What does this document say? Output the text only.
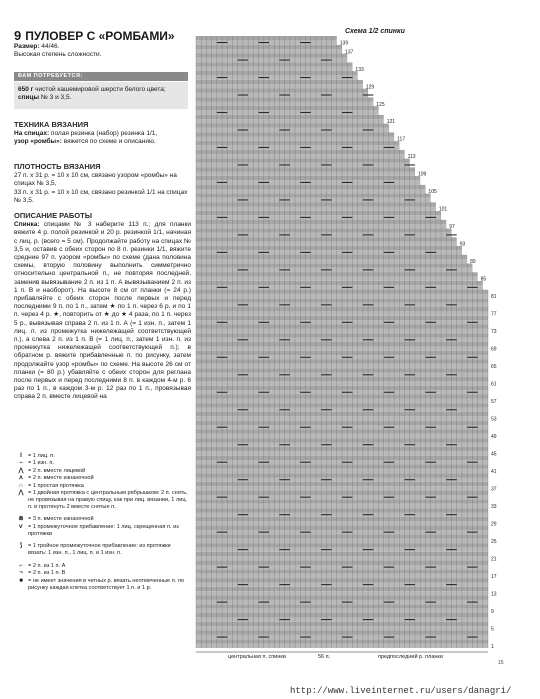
9 ПУЛОВЕР С «РОМБАМИ»
Размер: 44/46.
Высокая степень сложности.
ВАМ ПОТРЕБУЕТСЯ:
650 г чистой кашемировой шерсти белого цвета;
спицы № 3 и 3,5.
ТЕХНИКА ВЯЗАНИЯ
На спицах: полая резинка (набор) резинка 1/1,
узор «ромбы»: вяжется по схеме и описанию.
ПЛОТНОСТЬ ВЯЗАНИЯ
27 п. х 31 р. = 10 х 10 см, связано узором «ромбы» на спицах № 3,5,
33 п. х 31 р. = 10 х 10 см, связано резинкой 1/1 на спицах № 3,5.
ОПИСАНИЕ РАБОТЫ
Спинка: спицами № 3 наберите 113 п.; для планки вяжите 4 р. полой резинкой и 20 р. резинкой 1/1, начиная с лиц. р. (всего = 5 см). Продолжайте работу на спицах № 3,5 и, оставив с обеих сторон по 8 п. резинки 1/1, вяжите средние 97 п. узором «ромбы» по схеме (дана половина схемы, вторую половину выполнить симметрично относительно центральной п., не повторяя последней, заменив вывязывание 2 п. из 1 п. А вывязыванием 2 п. из 1 п. В и наоборот). На высоте 8 см от планки (= 24 р.) прибавляйте с обеих сторон после первых и перед последними 9 п. по 1 п., затем ★ по 1 п. через 6 р. и по 1 п. через 4 р. ★, повторить от ★ до ★ 4 раза, по 1 п. через 5 р., вывязывая справа 2 п. из 1 п. А (= 1 изн. п., затем 1 лиц. п. из промежутка нижележащей соответствующей п.), а слева 2 п. из 1 п. В (= 1 лиц. п., затем 1 изн. п. из промежутка нижележащей соответствующей п.); в обратном р. вяжите прибавленные п. по рисунку, затем продолжайте узор «ромбы» по схеме. На высоте 26 см от планки (= 80 р.) убавляйте с обеих сторон для реглана после первых и перед последними 8 п. в каждом 4-м р. 6 раз по 1 п., в каждом 3-м р. 12 раз по 1 п., провязывая справа 2 п. вместе лицевой на
I	= 1 лиц. п.
– = 1 изн. п.
⋀ = 2 п. вместе лицевой
⋏ = 2 п. вместе изнаночной
∩ = 1 простая протяжка
⋀ = 1 двойная протяжка с центральным рябрышком: 2 п. снять, не провязывая на правую спицу, как при лиц. вязании, 1 лиц. п. и протянуть 2 вместе снятые п.
⋒ = 3 п. вместе изнаночной
ѵ = 1 промежуточное прибавление: 1 лиц. скрещенная п. из протяжки
⟆	= 1 тройное промежуточное прибавление: из протяжки вязать: 1 изн. п., 1 лиц. п. и 1 изн. п.
⌐ = 2 п. из 1 п. А
¬ = 2 п. из 1 п. В
■ = не имеет значения в четных р. вязать неотмеченные п. по рисунку каждая клетка соответствует 1 п. и 1 р.
Схема 1/2 спинки
139
137
133
129
125
121
117
113
109
105
101
97
93
89
85
81
77
73
69
65
61
57
53
49
45
41
37
33
29
25
21
17
13
9
5
1
центральная п. спинки	56 п.	предпоследний р. планки
15
http://www.liveinternet.ru/users/danagri/
